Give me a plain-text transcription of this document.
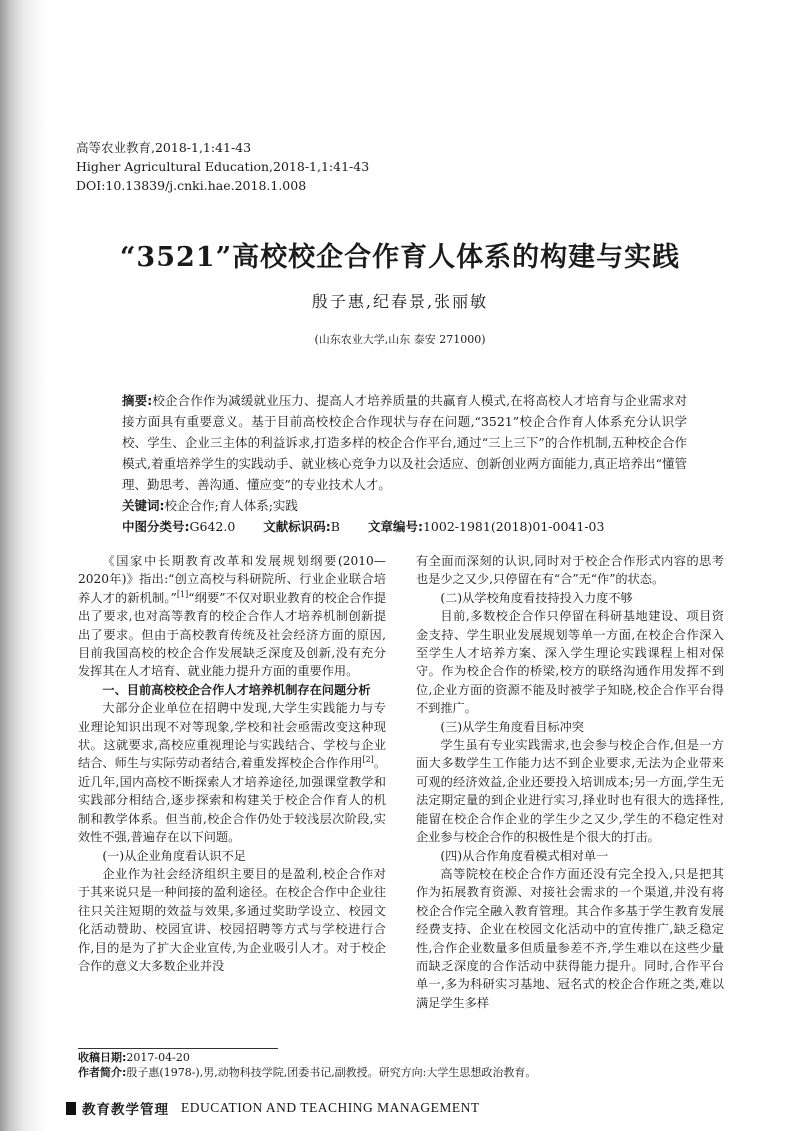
高等农业教育,2018-1,1:41-43
Higher Agricultural Education,2018-1,1:41-43
DOI:10.13839/j.cnki.hae.2018.1.008
“3521”高校校企合作育人体系的构建与实践
殷子惠,纪春景,张丽敏
(山东农业大学,山东 泰安 271000)

摘要:校企合作作为减缓就业压力、提高人才培养质量的共赢育人模式,在将高校人才培育与企业需求对接方面具有重要意义。基于目前高校校企合作现状与存在问题,“3521”校企合作育人体系充分认识学校、学生、企业三主体的利益诉求,打造多样的校企合作平台,通过“三上三下”的合作机制,五种校企合作模式,着重培养学生的实践动手、就业核心竞争力以及社会适应、创新创业两方面能力,真正培养出“懂管理、勤思考、善沟通、懂应变”的专业技术人才。

关键词:校企合作;育人体系;实践

中图分类号:G642.0 文献标识码:B 文章编号:1002-1981(2018)01-0041-03

《国家中长期教育改革和发展规划纲要(2010—2020年)》指出:“创立高校与科研院所、行业企业联合培养人才的新机制。”[1]“纲要”不仅对职业教育的校企合作提出了要求,也对高等教育的校企合作人才培养机制创新提出了要求。但由于高校教育传统及社会经济方面的原因,目前我国高校的校企合作发展缺乏深度及创新,没有充分发挥其在人才培育、就业能力提升方面的重要作用。

一、目前高校校企合作人才培养机制存在问题分析

大部分企业单位在招聘中发现,大学生实践能力与专业理论知识出现不对等现象,学校和社会亟需改变这种现状。这就要求,高校应重视理论与实践结合、学校与企业结合、师生与实际劳动者结合,着重发挥校企合作作用[2]。近几年,国内高校不断探索人才培养途径,加强课堂教学和实践部分相结合,逐步探索和构建关于校企合作育人的机制和教学体系。但当前,校企合作仍处于较浅层次阶段,实效性不强,普遍存在以下问题。

(一)从企业角度看认识不足

企业作为社会经济组织主要目的是盈利,校企合作对于其来说只是一种间接的盈利途径。在校企合作中企业往往只关注短期的效益与效果,多通过奖助学设立、校园文化活动赞助、校园宣讲、校园招聘等方式与学校进行合作,目的是为了扩大企业宣传,为企业吸引人才。对于校企合作的意义大多数企业并没

有全面而深刻的认识,同时对于校企合作形式内容的思考也是少之又少,只停留在有“合”无“作”的状态。

(二)从学校角度看技持投入力度不够

目前,多数校企合作只停留在科研基地建设、项目资金支持、学生职业发展规划等单一方面,在校企合作深入至学生人才培养方案、深入学生理论实践课程上相对保守。作为校企合作的桥梁,校方的联络沟通作用发挥不到位,企业方面的资源不能及时被学子知晓,校企合作平台得不到推广。

(三)从学生角度看目标冲突

学生虽有专业实践需求,也会参与校企合作,但是一方面大多数学生工作能力达不到企业要求,无法为企业带来可观的经济效益,企业还要投入培训成本;另一方面,学生无法定期定量的到企业进行实习,择业时也有很大的选择性,能留在校企合作企业的学生少之又少,学生的不稳定性对企业参与校企合作的积极性是个很大的打击。

(四)从合作角度看模式相对单一

高等院校在校企合作方面还没有完全投入,只是把其作为拓展教育资源、对接社会需求的一个渠道,并没有将校企合作完全融入教育管理。其合作多基于学生教育发展经费支持、企业在校园文化活动中的宣传推广,缺乏稳定性,合作企业数量多但质量参差不齐,学生难以在这些少量而缺乏深度的合作活动中获得能力提升。同时,合作平台单一,多为科研实习基地、冠名式的校企合作班之类,难以满足学生多样

收稿日期:2017-04-20
作者简介:殷子惠(1978-),男,动物科技学院,团委书记,副教授。研究方向:大学生思想政治教育。
教育教学管理 EDUCATION AND TEACHING MANAGEMENT
